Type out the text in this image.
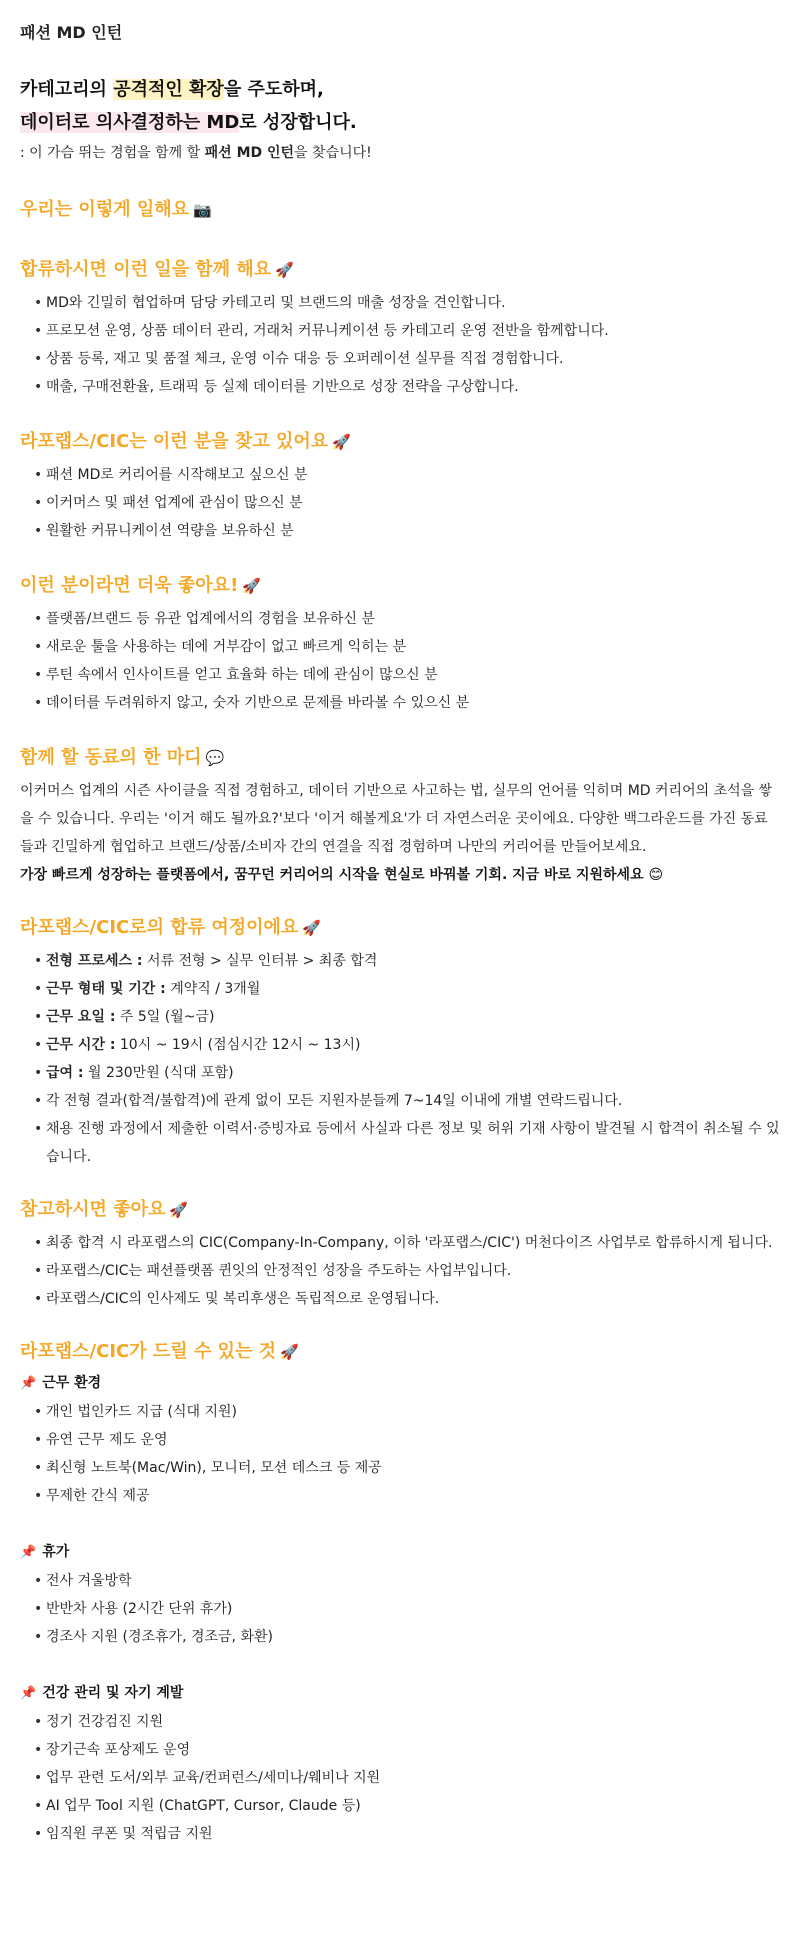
패션 MD 인턴
카테고리의 공격적인 확장을 주도하며,
데이터로 의사결정하는 MD로 성장합니다.
: 이 가슴 뛰는 경험을 함께 할 패션 MD 인턴을 찾습니다!
우리는 이렇게 일해요 📷
합류하시면 이런 일을 함께 해요 🚀
• MD와 긴밀히 협업하며 담당 카테고리 및 브랜드의 매출 성장을 견인합니다.
• 프로모션 운영, 상품 데이터 관리, 거래처 커뮤니케이션 등 카테고리 운영 전반을 함께합니다.
• 상품 등록, 재고 및 품절 체크, 운영 이슈 대응 등 오퍼레이션 실무를 직접 경험합니다.
• 매출, 구매전환율, 트래픽 등 실제 데이터를 기반으로 성장 전략을 구상합니다.
라포랩스/CIC는 이런 분을 찾고 있어요 🚀
• 패션 MD로 커리어를 시작해보고 싶으신 분
• 이커머스 및 패션 업계에 관심이 많으신 분
• 원활한 커뮤니케이션 역량을 보유하신 분
이런 분이라면 더욱 좋아요! 🚀
• 플랫폼/브랜드 등 유관 업계에서의 경험을 보유하신 분
• 새로운 툴을 사용하는 데에 거부감이 없고 빠르게 익히는 분
• 루틴 속에서 인사이트를 얻고 효율화 하는 데에 관심이 많으신 분
• 데이터를 두려워하지 않고, 숫자 기반으로 문제를 바라볼 수 있으신 분
함께 할 동료의 한 마디 💬

이커머스 업계의 시즌 사이클을 직접 경험하고, 데이터 기반으로 사고하는 법, 실무의 언어를 익히며 MD 커리어의 초석을 쌓을 수 있습니다. 우리는 '이거 해도 될까요?'보다 '이거 해볼게요'가 더 자연스러운 곳이에요. 다양한 백그라운드를 가진 동료들과 긴밀하게 협업하고 브랜드/상품/소비자 간의 연결을 직접 경험하며 나만의 커리어를 만들어보세요.

가장 빠르게 성장하는 플랫폼에서, 꿈꾸던 커리어의 시작을 현실로 바꿔볼 기회. 지금 바로 지원하세요 😊
라포랩스/CIC로의 합류 여정이에요 🚀
• 전형 프로세스 : 서류 전형 > 실무 인터뷰 > 최종 합격
• 근무 형태 및 기간 : 계약직 / 3개월
• 근무 요일 : 주 5일 (월~금)
• 근무 시간 : 10시 ~ 19시 (점심시간 12시 ~ 13시)
• 급여 : 월 230만원 (식대 포함)
• 각 전형 결과(합격/불합격)에 관계 없이 모든 지원자분들께 7~14일 이내에 개별 연락드립니다.
• 채용 진행 과정에서 제출한 이력서·증빙자료 등에서 사실과 다른 정보 및 허위 기재 사항이 발견될 시 합격이 취소될 수 있습니다.
참고하시면 좋아요 🚀
• 최종 합격 시 라포랩스의 CIC(Company-In-Company, 이하 '라포랩스/CIC') 머천다이즈 사업부로 합류하시게 됩니다.
• 라포랩스/CIC는 패션플랫폼 퀸잇의 안정적인 성장을 주도하는 사업부입니다.
• 라포랩스/CIC의 인사제도 및 복리후생은 독립적으로 운영됩니다.
라포랩스/CIC가 드릴 수 있는 것 🚀
📌 근무 환경
• 개인 법인카드 지급 (식대 지원)
• 유연 근무 제도 운영
• 최신형 노트북(Mac/Win), 모니터, 모션 데스크 등 제공
• 무제한 간식 제공
📌 휴가
• 전사 겨울방학
• 반반차 사용 (2시간 단위 휴가)
• 경조사 지원 (경조휴가, 경조금, 화환)
📌 건강 관리 및 자기 계발
• 정기 건강검진 지원
• 장기근속 포상제도 운영
• 업무 관련 도서/외부 교육/컨퍼런스/세미나/웨비나 지원
• AI 업무 Tool 지원 (ChatGPT, Cursor, Claude 등)
• 임직원 쿠폰 및 적립금 지원
